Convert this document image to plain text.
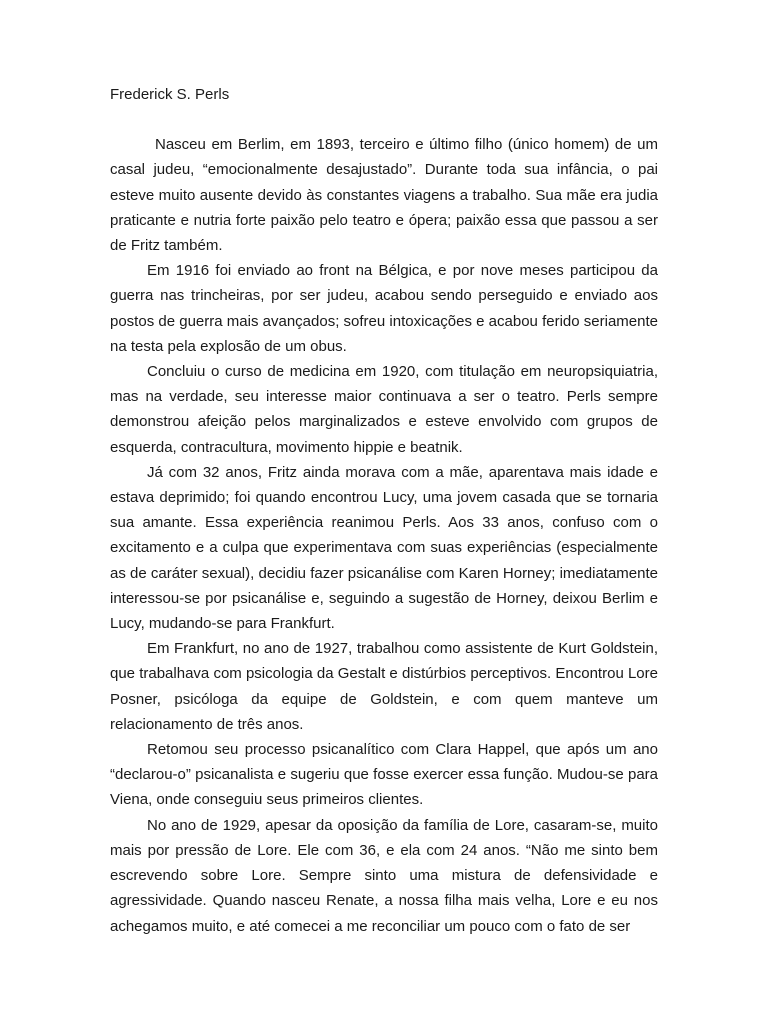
Frederick S. Perls

Nasceu em Berlim, em 1893, terceiro e último filho (único homem) de um casal judeu, “emocionalmente desajustado”. Durante toda sua infância, o pai esteve muito ausente devido às constantes viagens a trabalho. Sua mãe era judia praticante e nutria forte paixão pelo teatro e ópera; paixão essa que passou a ser de Fritz também.

Em 1916 foi enviado ao front na Bélgica, e por nove meses participou da guerra nas trincheiras, por ser judeu, acabou sendo perseguido e enviado aos postos de guerra mais avançados; sofreu intoxicações e acabou ferido seriamente na testa pela explosão de um obus.

Concluiu o curso de medicina em 1920, com titulação em neuropsiquiatria, mas na verdade, seu interesse maior continuava a ser o teatro. Perls sempre demonstrou afeição pelos marginalizados e esteve envolvido com grupos de esquerda, contracultura, movimento hippie e beatnik.

Já com 32 anos, Fritz ainda morava com a mãe, aparentava mais idade e estava deprimido; foi quando encontrou Lucy, uma jovem casada que se tornaria sua amante. Essa experiência reanimou Perls. Aos 33 anos, confuso com o excitamento e a culpa que experimentava com suas experiências (especialmente as de caráter sexual), decidiu fazer psicanálise com Karen Horney; imediatamente interessou-se por psicanálise e, seguindo a sugestão de Horney, deixou Berlim e Lucy, mudando-se para Frankfurt.

Em Frankfurt, no ano de 1927, trabalhou como assistente de Kurt Goldstein, que trabalhava com psicologia da Gestalt e distúrbios perceptivos. Encontrou Lore Posner, psicóloga da equipe de Goldstein, e com quem manteve um relacionamento de três anos.

Retomou seu processo psicanalítico com Clara Happel, que após um ano “declarou-o” psicanalista e sugeriu que fosse exercer essa função. Mudou-se para Viena, onde conseguiu seus primeiros clientes.

No ano de 1929, apesar da oposição da família de Lore, casaram-se, muito mais por pressão de Lore. Ele com 36, e ela com 24 anos. “Não me sinto bem escrevendo sobre Lore. Sempre sinto uma mistura de defensividade e agressividade. Quando nasceu Renate, a nossa filha mais velha, Lore e eu nos achegamos muito, e até comecei a me reconciliar um pouco com o fato de ser
